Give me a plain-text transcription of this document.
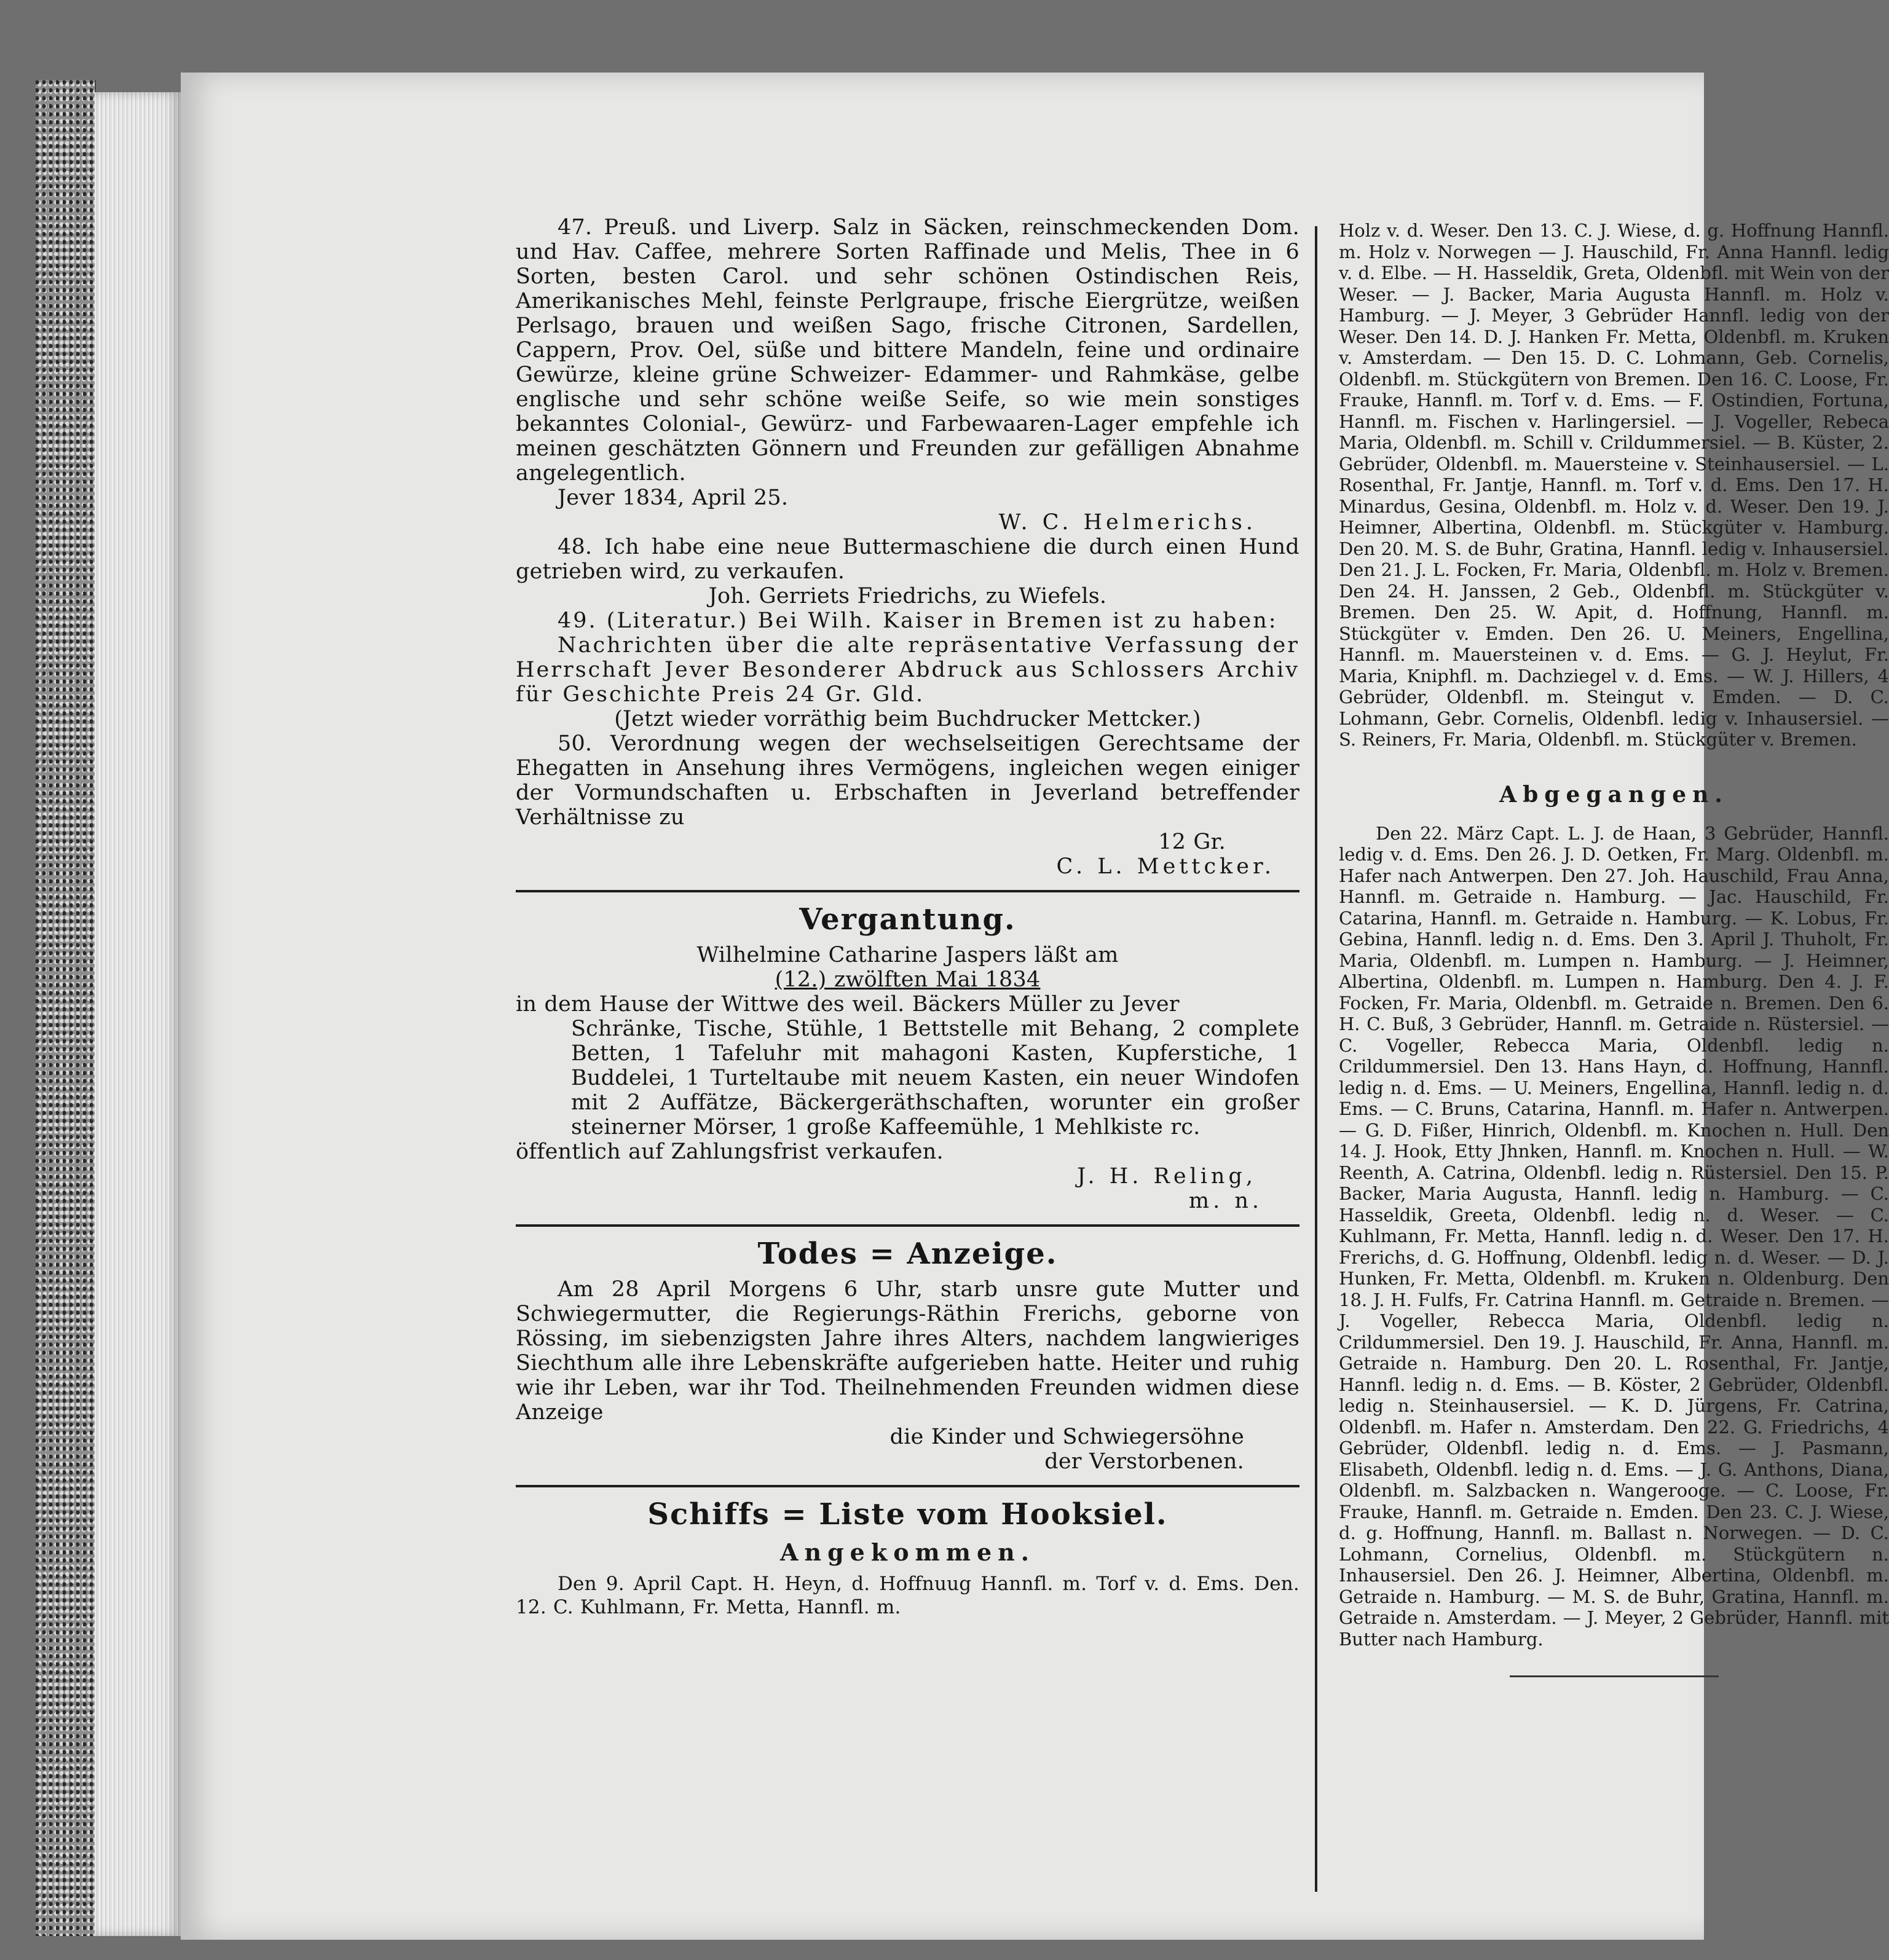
47. Preuß. und Liverp. Salz in Säcken, reinschmeckenden Dom. und Hav. Caffee, mehrere Sorten Raffinade und Melis, Thee in 6 Sorten, besten Carol. und sehr schönen Ostindischen Reis, Amerikanisches Mehl, feinste Perlgraupe, frische Eiergrütze, weißen Perlsago, brauen und weißen Sago, frische Citronen, Sardellen, Cappern, Prov. Oel, süße und bittere Mandeln, feine und ordinaire Gewürze, kleine grüne Schweizer- Edammer- und Rahmkäse, gelbe englische und sehr schöne weiße Seife, so wie mein sonstiges bekanntes Colonial-, Gewürz- und Farbewaaren-Lager empfehle ich meinen geschätzten Gönnern und Freunden zur gefälligen Abnahme angelegentlich.

Jever 1834, April 25.

W. C. Helmerichs.

48. Ich habe eine neue Buttermaschiene die durch einen Hund getrieben wird, zu verkaufen.

Joh. Gerriets Friedrichs, zu Wiefels.

49. (Literatur.) Bei Wilh. Kaiser in Bremen ist zu haben:

Nachrichten über die alte repräsentative Verfassung der Herrschaft Jever Besonderer Abdruck aus Schlossers Archiv für Geschichte Preis 24 Gr. Gld.

(Jetzt wieder vorräthig beim Buchdrucker Mettcker.)

50. Verordnung wegen der wechselseitigen Gerechtsame der Ehegatten in Ansehung ihres Vermögens, ingleichen wegen einiger der Vormundschaften u. Erbschaften in Jeverland betreffender Verhältnisse zu

12 Gr.

C. L. Mettcker.

Vergantung.

Wilhelmine Catharine Jaspers läßt am

(12.) zwölften Mai 1834

in dem Hause der Wittwe des weil. Bäckers Müller zu Jever

Schränke, Tische, Stühle, 1 Bettstelle mit Behang, 2 complete Betten, 1 Tafeluhr mit mahagoni Kasten, Kupferstiche, 1 Buddelei, 1 Turteltaube mit neuem Kasten, ein neuer Windofen mit 2 Auffätze, Bäckergeräthschaften, worunter ein großer steinerner Mörser, 1 große Kaffeemühle, 1 Mehlkiste rc.

öffentlich auf Zahlungsfrist verkaufen.

J. H. Reling,

m. n.

Todes = Anzeige.

Am 28 April Morgens 6 Uhr, starb unsre gute Mutter und Schwiegermutter, die Regierungs-Räthin Frerichs, geborne von Rössing, im siebenzigsten Jahre ihres Alters, nachdem langwieriges Siechthum alle ihre Lebenskräfte aufgerieben hatte. Heiter und ruhig wie ihr Leben, war ihr Tod. Theilnehmenden Freunden widmen diese Anzeige

die Kinder und Schwiegersöhne

der Verstorbenen.

Schiffs = Liste vom Hooksiel.
Angekommen.

Den 9. April Capt. H. Heyn, d. Hoffnuug Hannfl. m. Torf v. d. Ems. Den. 12. C. Kuhlmann, Fr. Metta, Hannfl. m.

Holz v. d. Weser. Den 13. C. J. Wiese, d. g. Hoffnung Hannfl. m. Holz v. Norwegen — J. Hauschild, Fr. Anna Hannfl. ledig v. d. Elbe. — H. Hasseldik, Greta, Oldenbfl. mit Wein von der Weser. — J. Backer, Maria Augusta Hannfl. m. Holz v. Hamburg. — J. Meyer, 3 Gebrüder Hannfl. ledig von der Weser. Den 14. D. J. Hanken Fr. Metta, Oldenbfl. m. Kruken v. Amsterdam. — Den 15. D. C. Lohmann, Geb. Cornelis, Oldenbfl. m. Stückgütern von Bremen. Den 16. C. Loose, Fr. Frauke, Hannfl. m. Torf v. d. Ems. — F. Ostindien, Fortuna, Hannfl. m. Fischen v. Harlingersiel. — J. Vogeller, Rebeca Maria, Oldenbfl. m. Schill v. Crildummersiel. — B. Küster, 2. Gebrüder, Oldenbfl. m. Mauersteine v. Steinhausersiel. — L. Rosenthal, Fr. Jantje, Hannfl. m. Torf v. d. Ems. Den 17. H. Minardus, Gesina, Oldenbfl. m. Holz v. d. Weser. Den 19. J. Heimner, Albertina, Oldenbfl. m. Stückgüter v. Hamburg. Den 20. M. S. de Buhr, Gratina, Hannfl. ledig v. Inhausersiel. Den 21. J. L. Focken, Fr. Maria, Oldenbfl. m. Holz v. Bremen. Den 24. H. Janssen, 2 Geb., Oldenbfl. m. Stückgüter v. Bremen. Den 25. W. Apit, d. Hoffnung, Hannfl. m. Stückgüter v. Emden. Den 26. U. Meiners, Engellina, Hannfl. m. Mauersteinen v. d. Ems. — G. J. Heylut, Fr. Maria, Kniphfl. m. Dachziegel v. d. Ems. — W. J. Hillers, 4 Gebrüder, Oldenbfl. m. Steingut v. Emden. — D. C. Lohmann, Gebr. Cornelis, Oldenbfl. ledig v. Inhausersiel. — S. Reiners, Fr. Maria, Oldenbfl. m. Stückgüter v. Bremen.

Abgegangen.

Den 22. März Capt. L. J. de Haan, 3 Gebrüder, Hannfl. ledig v. d. Ems. Den 26. J. D. Oetken, Fr. Marg. Oldenbfl. m. Hafer nach Antwerpen. Den 27. Joh. Hauschild, Frau Anna, Hannfl. m. Getraide n. Hamburg. — Jac. Hauschild, Fr. Catarina, Hannfl. m. Getraide n. Hamburg. — K. Lobus, Fr. Gebina, Hannfl. ledig n. d. Ems. Den 3. April J. Thuholt, Fr. Maria, Oldenbfl. m. Lumpen n. Hamburg. — J. Heimner, Albertina, Oldenbfl. m. Lumpen n. Hamburg. Den 4. J. F. Focken, Fr. Maria, Oldenbfl. m. Getraide n. Bremen. Den 6. H. C. Buß, 3 Gebrüder, Hannfl. m. Getraide n. Rüstersiel. — C. Vogeller, Rebecca Maria, Oldenbfl. ledig n. Crildummersiel. Den 13. Hans Hayn, d. Hoffnung, Hannfl. ledig n. d. Ems. — U. Meiners, Engellina, Hannfl. ledig n. d. Ems. — C. Bruns, Catarina, Hannfl. m. Hafer n. Antwerpen. — G. D. Fißer, Hinrich, Oldenbfl. m. Knochen n. Hull. Den 14. J. Hook, Etty Jhnken, Hannfl. m. Knochen n. Hull. — W. Reenth, A. Catrina, Oldenbfl. ledig n. Rüstersiel. Den 15. P. Backer, Maria Augusta, Hannfl. ledig n. Hamburg. — C. Hasseldik, Greeta, Oldenbfl. ledig n. d. Weser. — C. Kuhlmann, Fr. Metta, Hannfl. ledig n. d. Weser. Den 17. H. Frerichs, d. G. Hoffnung, Oldenbfl. ledig n. d. Weser. — D. J. Hunken, Fr. Metta, Oldenbfl. m. Kruken n. Oldenburg. Den 18. J. H. Fulfs, Fr. Catrina Hannfl. m. Getraide n. Bremen. — J. Vogeller, Rebecca Maria, Oldenbfl. ledig n. Crildummersiel. Den 19. J. Hauschild, Fr. Anna, Hannfl. m. Getraide n. Hamburg. Den 20. L. Rosenthal, Fr. Jantje, Hannfl. ledig n. d. Ems. — B. Köster, 2 Gebrüder, Oldenbfl. ledig n. Steinhausersiel. — K. D. Jürgens, Fr. Catrina, Oldenbfl. m. Hafer n. Amsterdam. Den 22. G. Friedrichs, 4 Gebrüder, Oldenbfl. ledig n. d. Ems. — J. Pasmann, Elisabeth, Oldenbfl. ledig n. d. Ems. — J. G. Anthons, Diana, Oldenbfl. m. Salzbacken n. Wangerooge. — C. Loose, Fr. Frauke, Hannfl. m. Getraide n. Emden. Den 23. C. J. Wiese, d. g. Hoffnung, Hannfl. m. Ballast n. Norwegen. — D. C. Lohmann, Cornelius, Oldenbfl. m. Stückgütern n. Inhausersiel. Den 26. J. Heimner, Albertina, Oldenbfl. m. Getraide n. Hamburg. — M. S. de Buhr, Gratina, Hannfl. m. Getraide n. Amsterdam. — J. Meyer, 2 Gebrüder, Hannfl. mit Butter nach Hamburg.
